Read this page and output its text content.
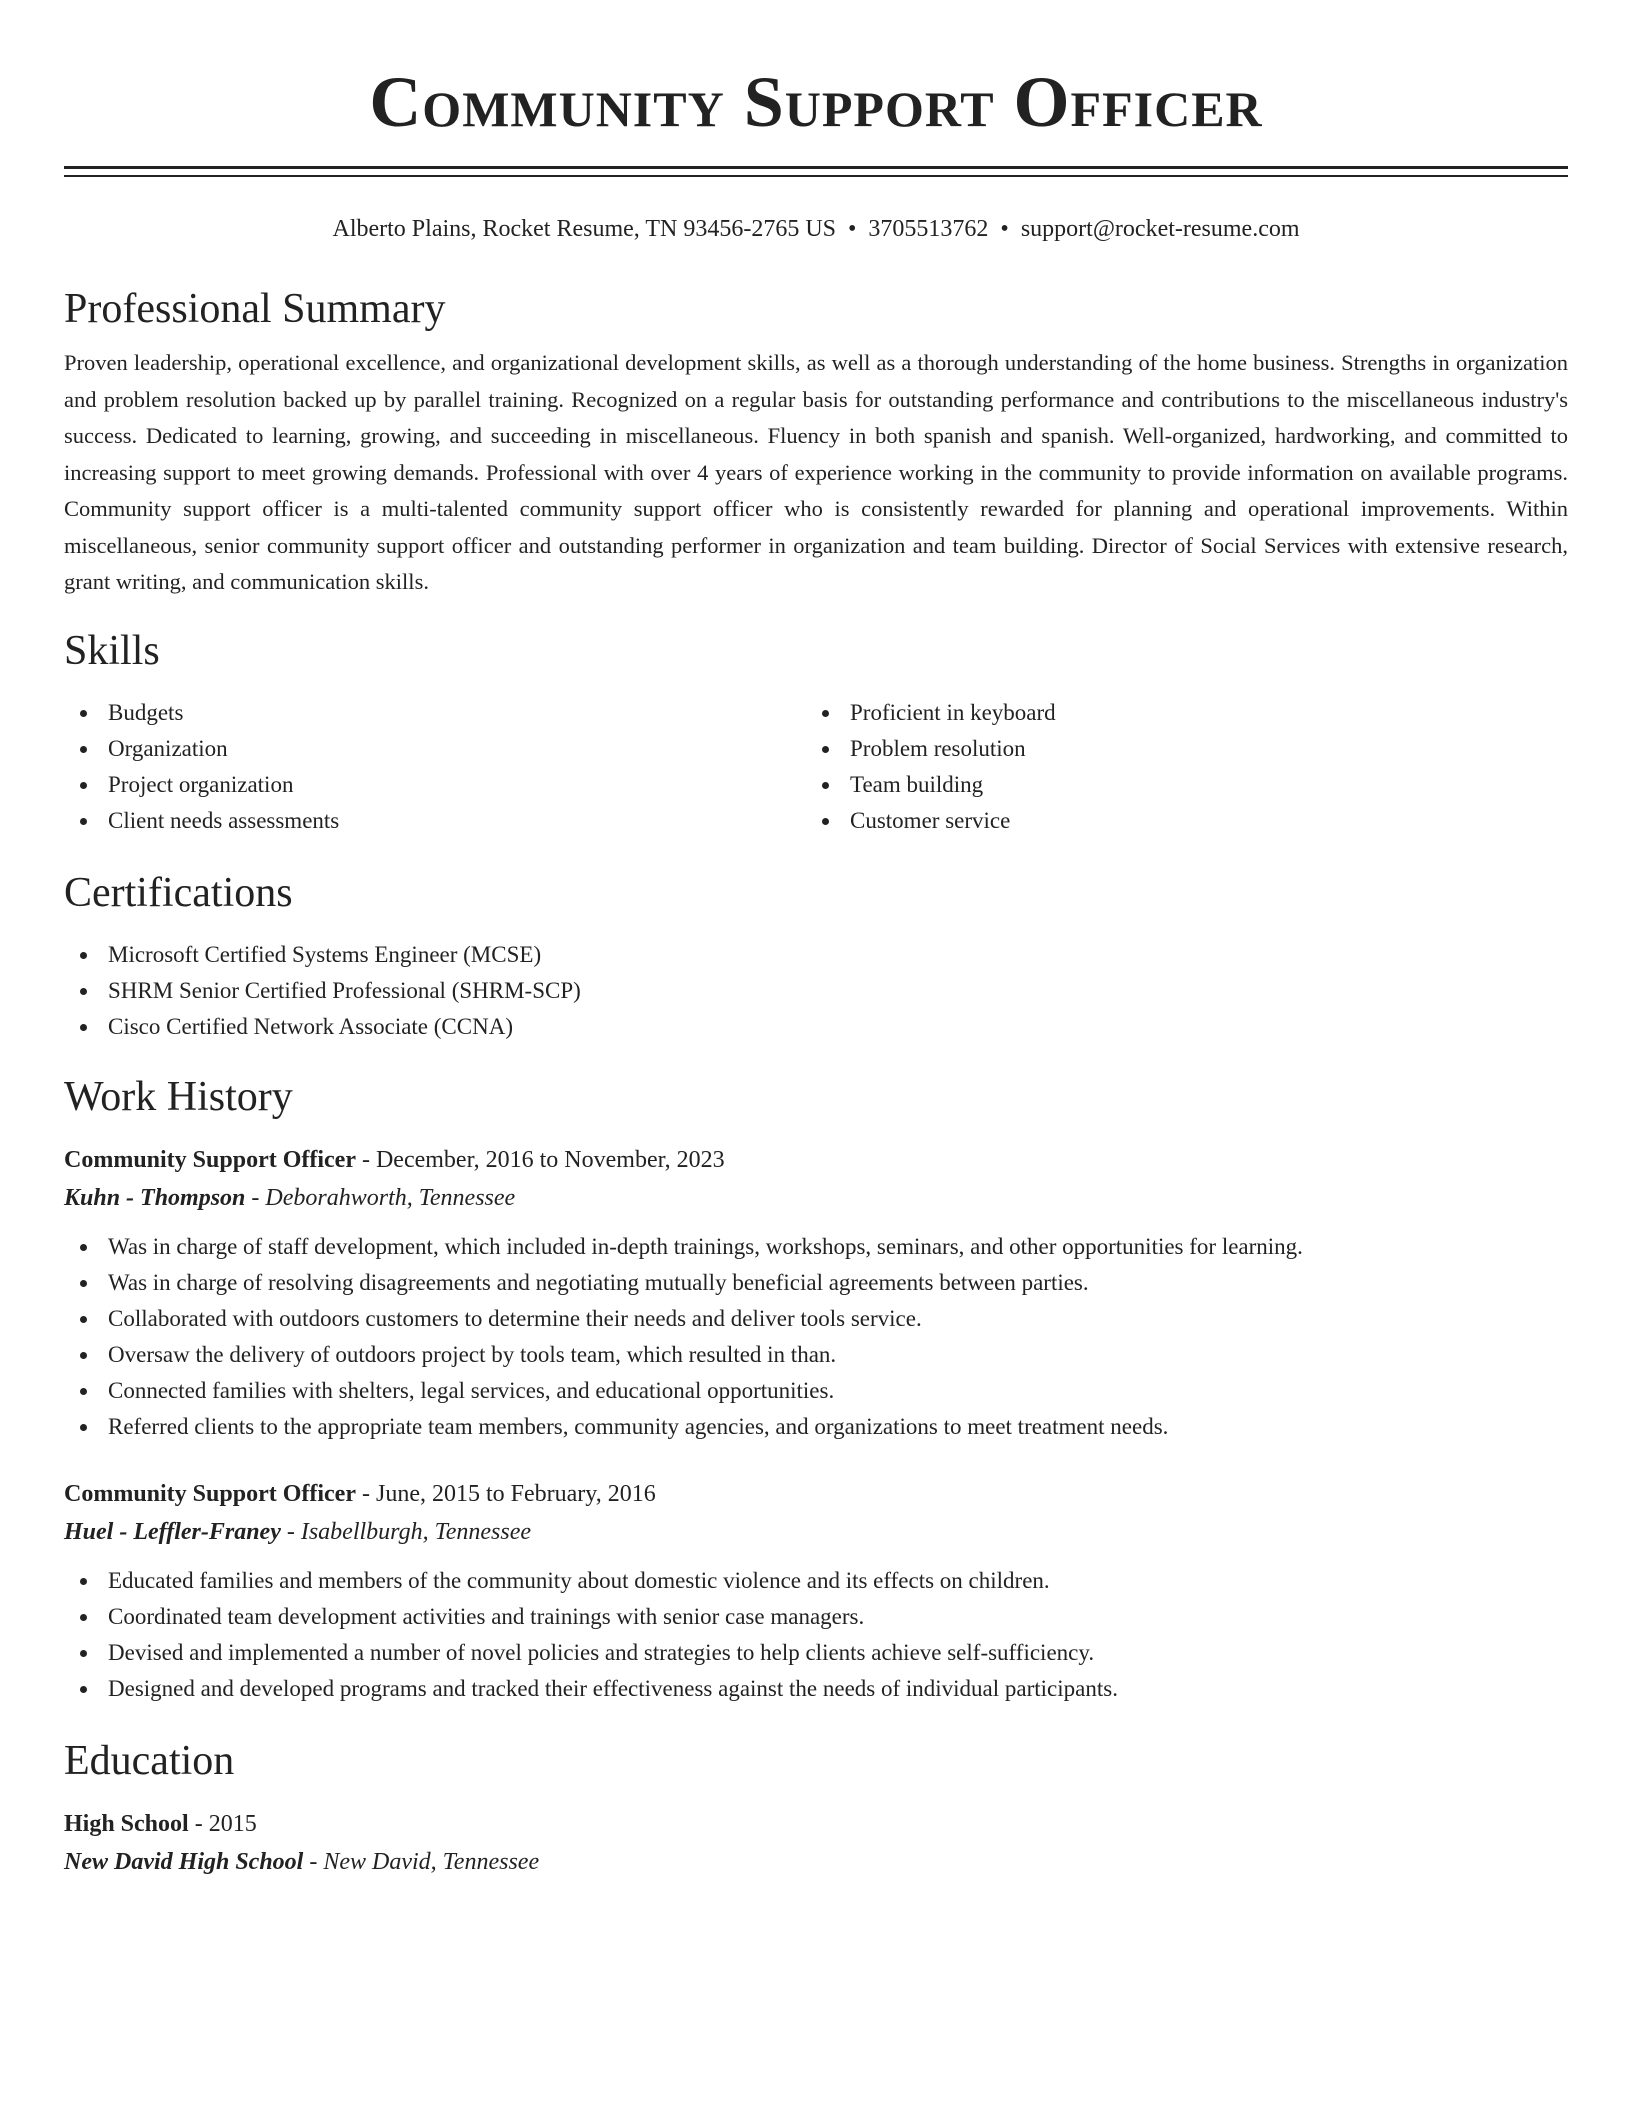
Community Support Officer
Alberto Plains, Rocket Resume, TN 93456-2765 US • 3705513762 • support@rocket-resume.com
Professional Summary

Proven leadership, operational excellence, and organizational development skills, as well as a thorough understanding of the home business. Strengths in organization and problem resolution backed up by parallel training. Recognized on a regular basis for outstanding performance and contributions to the miscellaneous industry's success. Dedicated to learning, growing, and succeeding in miscellaneous. Fluency in both spanish and spanish. Well-organized, hardworking, and committed to increasing support to meet growing demands. Professional with over 4 years of experience working in the community to provide information on available programs. Community support officer is a multi-talented community support officer who is consistently rewarded for planning and operational improvements. Within miscellaneous, senior community support officer and outstanding performer in organization and team building. Director of Social Services with extensive research, grant writing, and communication skills.

Skills
Budgets
Organization
Project organization
Client needs assessments
Proficient in keyboard
Problem resolution
Team building
Customer service
Certifications
Microsoft Certified Systems Engineer (MCSE)
SHRM Senior Certified Professional (SHRM-SCP)
Cisco Certified Network Associate (CCNA)
Work History
Community Support Officer - December, 2016 to November, 2023
Kuhn - Thompson - Deborahworth, Tennessee
Was in charge of staff development, which included in-depth trainings, workshops, seminars, and other opportunities for learning.
Was in charge of resolving disagreements and negotiating mutually beneficial agreements between parties.
Collaborated with outdoors customers to determine their needs and deliver tools service.
Oversaw the delivery of outdoors project by tools team, which resulted in than.
Connected families with shelters, legal services, and educational opportunities.
Referred clients to the appropriate team members, community agencies, and organizations to meet treatment needs.
Community Support Officer - June, 2015 to February, 2016
Huel - Leffler-Franey - Isabellburgh, Tennessee
Educated families and members of the community about domestic violence and its effects on children.
Coordinated team development activities and trainings with senior case managers.
Devised and implemented a number of novel policies and strategies to help clients achieve self-sufficiency.
Designed and developed programs and tracked their effectiveness against the needs of individual participants.
Education
High School - 2015
New David High School - New David, Tennessee
